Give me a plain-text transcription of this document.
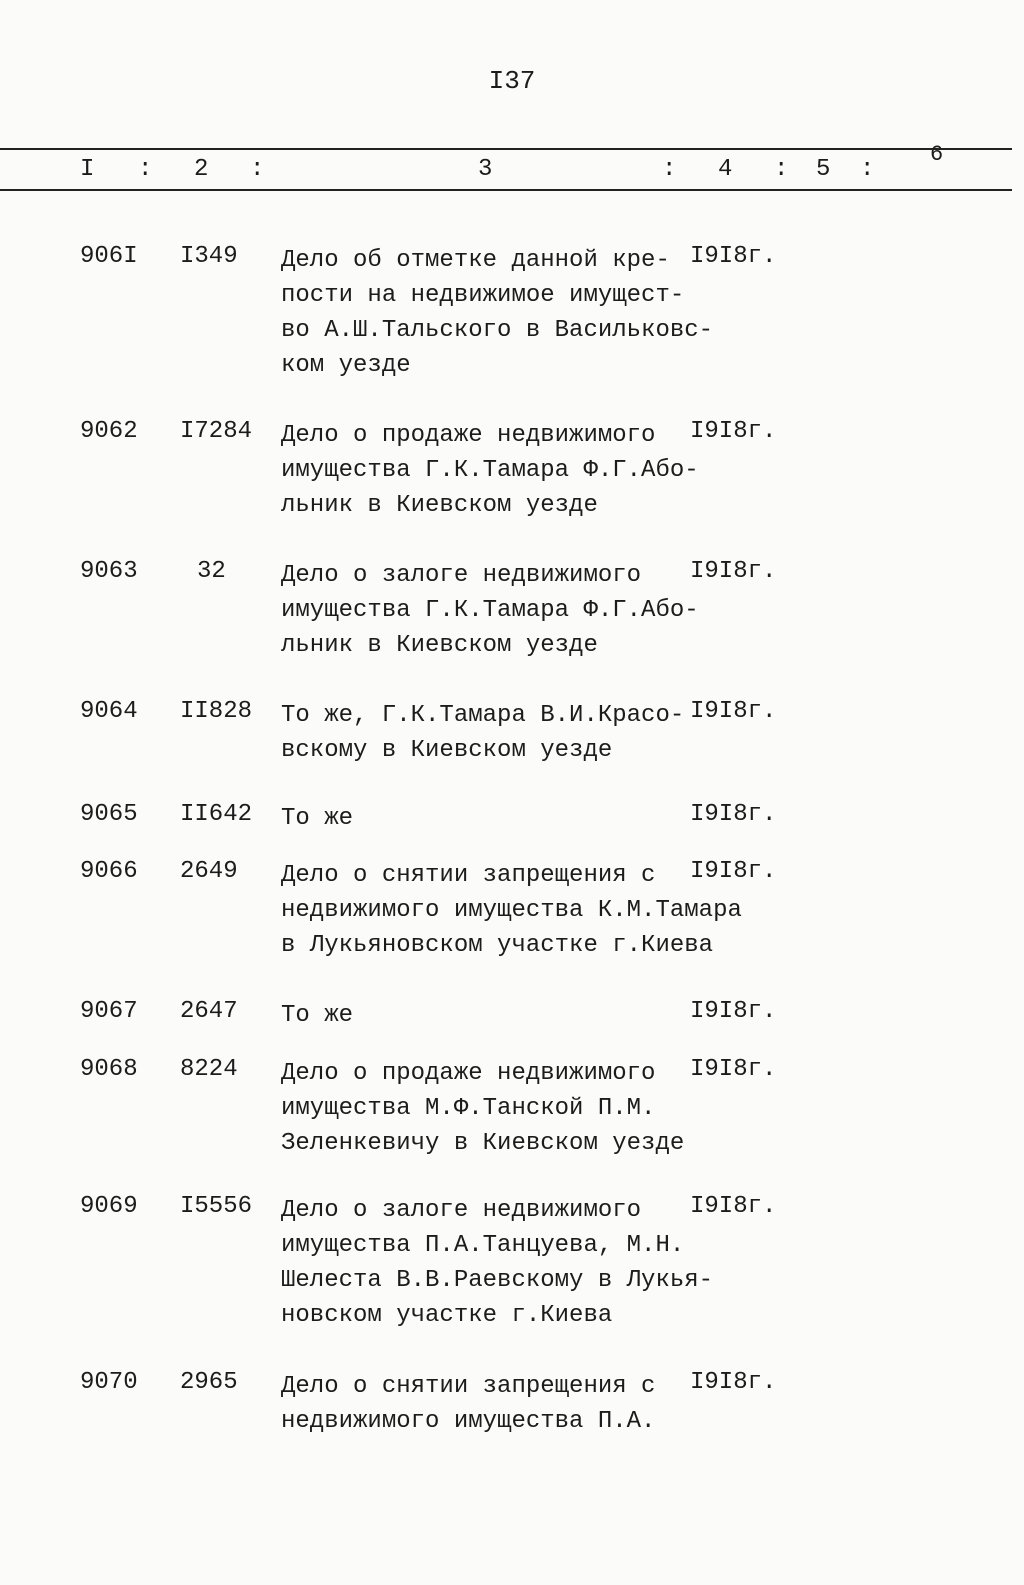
I37
I : 2 :	3	: 4 : 5 :
6
906I I349 Дело об отметке данной кре-
пости на недвижимое имущест-
во А.Ш.Тальского в Васильковс-
ком уезде
I9I8г.
9062 I7284 Дело о продаже недвижимого
имущества Г.К.Тамара Ф.Г.Або-
льник в Киевском уезде
I9I8г.
9063 32 Дело о залоге недвижимого
имущества Г.К.Тамара Ф.Г.Або-
льник в Киевском уезде
I9I8г.
9064 II828 То же, Г.К.Тамара В.И.Красо-
вскому в Киевском уезде
I9I8г.
9065 II642 То же	I9I8г.
9066 2649 Дело о снятии запрещения с
недвижимого имущества К.М.Тамара
в Лукьяновском участке г.Киева
I9I8г.
9067 2647 То же	I9I8г.
9068 8224 Дело о продаже недвижимого
имущества М.Ф.Танской П.М.
Зеленкевичу в Киевском уезде
I9I8г.
9069 I5556 Дело о залоге недвижимого
имущества П.А.Танцуева, М.Н.
Шелеста В.В.Раевскому в Лукья-
новском участке г.Киева
I9I8г.
9070 2965 Дело о снятии запрещения с
недвижимого имущества П.А.
I9I8г.
